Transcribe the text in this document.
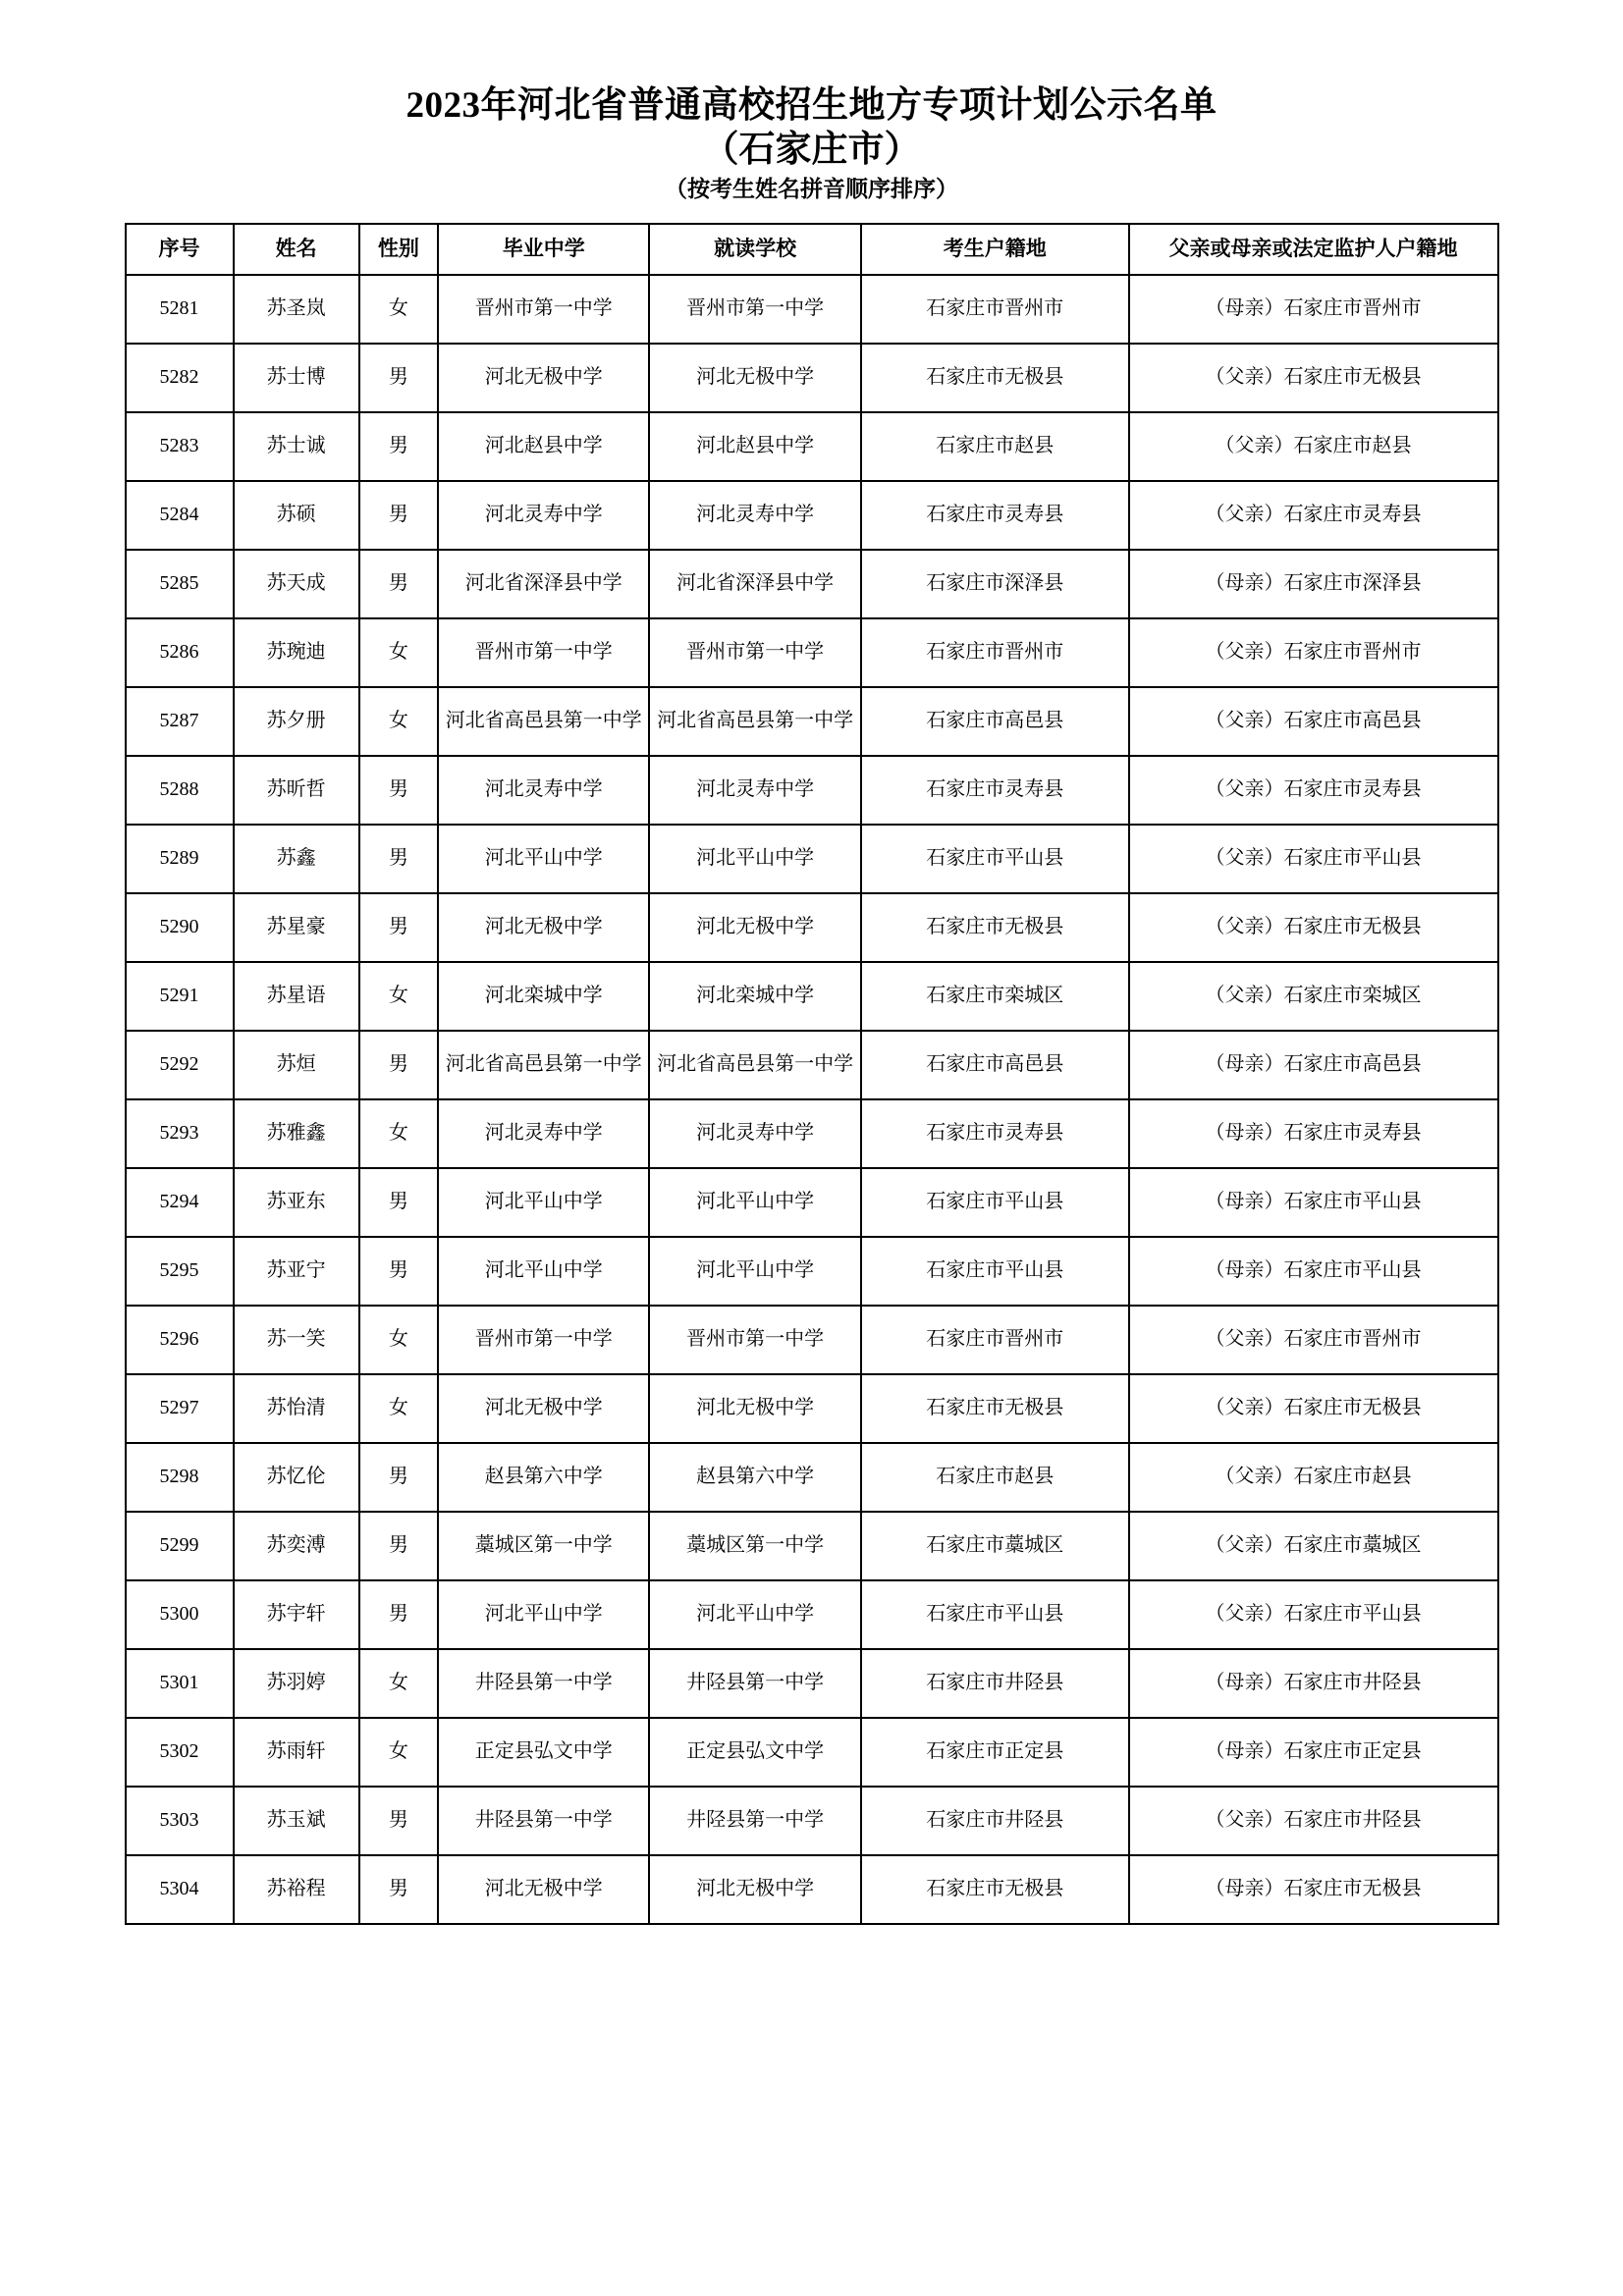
2023年河北省普通高校招生地方专项计划公示名单
（石家庄市）
（按考生姓名拼音顺序排序）
序号	姓名	性别	毕业中学	就读学校	考生户籍地	父亲或母亲或法定监护人户籍地

5281	苏圣岚	女	晋州市第一中学	晋州市第一中学	石家庄市晋州市	（母亲）石家庄市晋州市

5282	苏士博	男	河北无极中学	河北无极中学	石家庄市无极县	（父亲）石家庄市无极县

5283	苏士诚	男	河北赵县中学	河北赵县中学	石家庄市赵县	（父亲）石家庄市赵县

5284	苏硕	男	河北灵寿中学	河北灵寿中学	石家庄市灵寿县	（父亲）石家庄市灵寿县

5285	苏天成	男	河北省深泽县中学	河北省深泽县中学	石家庄市深泽县	（母亲）石家庄市深泽县

5286	苏琬迪	女	晋州市第一中学	晋州市第一中学	石家庄市晋州市	（父亲）石家庄市晋州市

5287	苏夕册	女	河北省高邑县第一中学	河北省高邑县第一中学	石家庄市高邑县	（父亲）石家庄市高邑县

5288	苏昕哲	男	河北灵寿中学	河北灵寿中学	石家庄市灵寿县	（父亲）石家庄市灵寿县

5289	苏鑫	男	河北平山中学	河北平山中学	石家庄市平山县	（父亲）石家庄市平山县

5290	苏星豪	男	河北无极中学	河北无极中学	石家庄市无极县	（父亲）石家庄市无极县

5291	苏星语	女	河北栾城中学	河北栾城中学	石家庄市栾城区	（父亲）石家庄市栾城区

5292	苏烜	男	河北省高邑县第一中学	河北省高邑县第一中学	石家庄市高邑县	（母亲）石家庄市高邑县

5293	苏雅鑫	女	河北灵寿中学	河北灵寿中学	石家庄市灵寿县	（母亲）石家庄市灵寿县

5294	苏亚东	男	河北平山中学	河北平山中学	石家庄市平山县	（母亲）石家庄市平山县

5295	苏亚宁	男	河北平山中学	河北平山中学	石家庄市平山县	（母亲）石家庄市平山县

5296	苏一笑	女	晋州市第一中学	晋州市第一中学	石家庄市晋州市	（父亲）石家庄市晋州市

5297	苏怡清	女	河北无极中学	河北无极中学	石家庄市无极县	（父亲）石家庄市无极县

5298	苏忆伦	男	赵县第六中学	赵县第六中学	石家庄市赵县	（父亲）石家庄市赵县

5299	苏奕溥	男	藁城区第一中学	藁城区第一中学	石家庄市藁城区	（父亲）石家庄市藁城区

5300	苏宇轩	男	河北平山中学	河北平山中学	石家庄市平山县	（父亲）石家庄市平山县

5301	苏羽婷	女	井陉县第一中学	井陉县第一中学	石家庄市井陉县	（母亲）石家庄市井陉县

5302	苏雨轩	女	正定县弘文中学	正定县弘文中学	石家庄市正定县	（母亲）石家庄市正定县

5303	苏玉斌	男	井陉县第一中学	井陉县第一中学	石家庄市井陉县	（父亲）石家庄市井陉县

5304	苏裕程	男	河北无极中学	河北无极中学	石家庄市无极县	（母亲）石家庄市无极县
